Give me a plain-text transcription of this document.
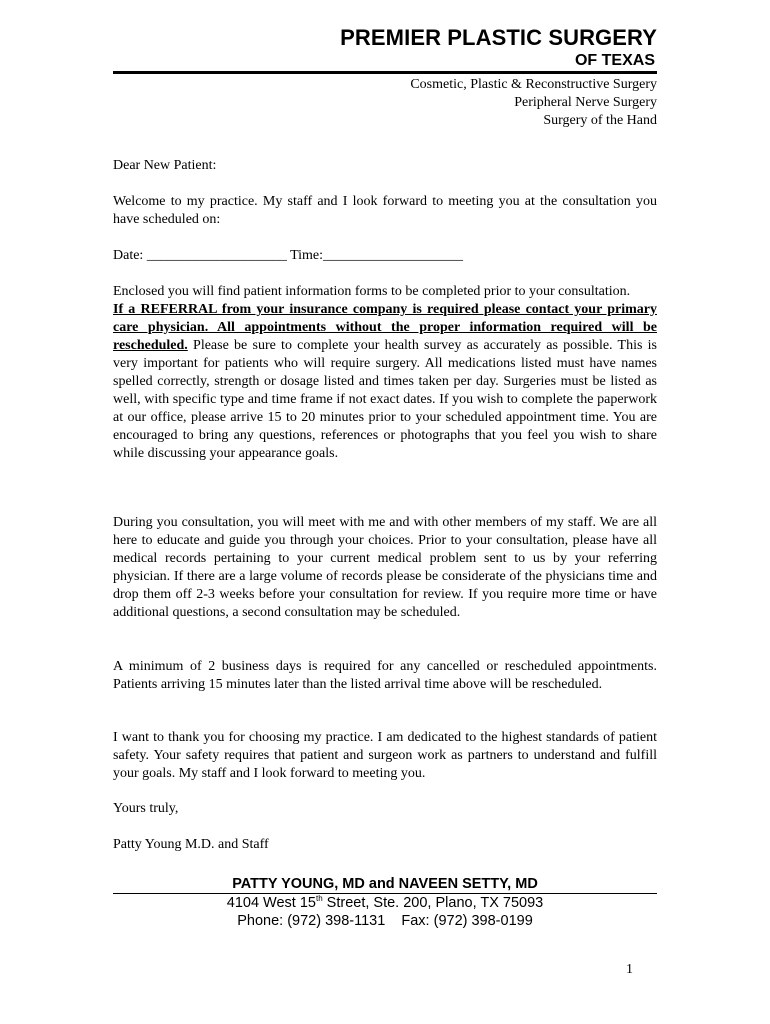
PREMIER PLASTIC SURGERY
OF TEXAS
Cosmetic, Plastic & Reconstructive Surgery
Peripheral Nerve Surgery
Surgery of the Hand
Dear New Patient:
Welcome to my practice. My staff and I look forward to meeting you at the consultation you have scheduled on:
Date: ____________________ Time:____________________
Enclosed you will find patient information forms to be completed prior to your consultation.
If a REFERRAL from your insurance company is required please contact your primary care physician. All appointments without the proper information required will be rescheduled. Please be sure to complete your health survey as accurately as possible. This is very important for patients who will require surgery. All medications listed must have names spelled correctly, strength or dosage listed and times taken per day. Surgeries must be listed as well, with specific type and time frame if not exact dates. If you wish to complete the paperwork at our office, please arrive 15 to 20 minutes prior to your scheduled appointment time. You are encouraged to bring any questions, references or photographs that you feel you wish to share while discussing your appearance goals.
During you consultation, you will meet with me and with other members of my staff. We are all here to educate and guide you through your choices. Prior to your consultation, please have all medical records pertaining to your current medical problem sent to us by your referring physician. If there are a large volume of records please be considerate of the physicians time and drop them off 2-3 weeks before your consultation for review. If you require more time or have additional questions, a second consultation may be scheduled.
A minimum of 2 business days is required for any cancelled or rescheduled appointments. Patients arriving 15 minutes later than the listed arrival time above will be rescheduled.
I want to thank you for choosing my practice. I am dedicated to the highest standards of patient safety. Your safety requires that patient and surgeon work as partners to understand and fulfill your goals. My staff and I look forward to meeting you.
Yours truly,
Patty Young M.D. and Staff
PATTY YOUNG, MD and NAVEEN SETTY, MD
4104 West 15th Street, Ste. 200, Plano, TX 75093
Phone: (972) 398-1131    Fax: (972) 398-0199
1
